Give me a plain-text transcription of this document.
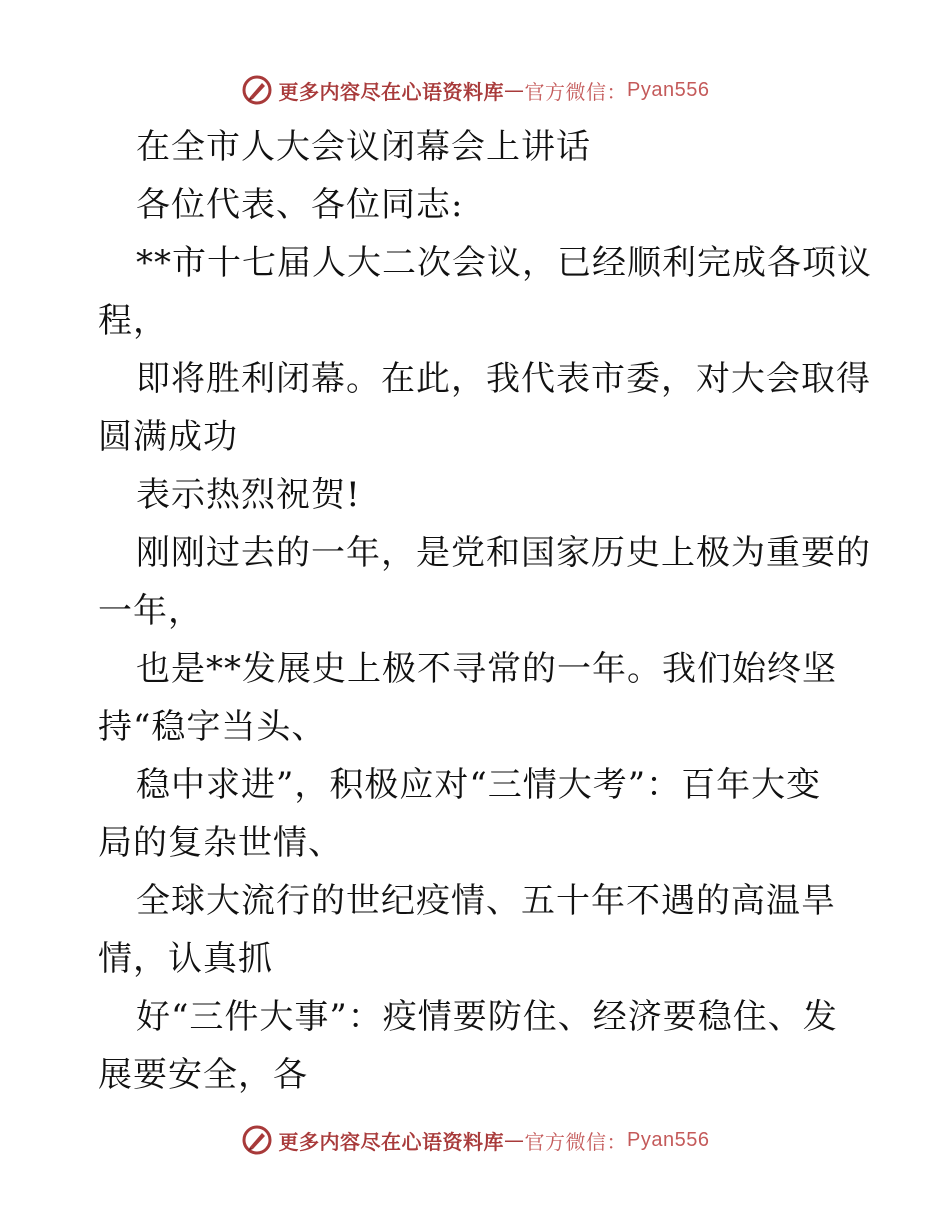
更多内容尽在心语资料库 — 官方微信： Pyan556
在全市人大会议闭幕会上讲话
各位代表、各位同志:
**市十七届人大二次会议，已经顺利完成各项议
程，
即将胜利闭幕。在此，我代表市委，对大会取得
圆满成功
表示热烈祝贺!
刚刚过去的一年，是党和国家历史上极为重要的
一年，
也是**发展史上极不寻常的一年。我们始终坚
持“稳字当头、
稳中求进”，积极应对“三情大考”：百年大变
局的复杂世情、
全球大流行的世纪疫情、五十年不遇的高温旱
情，认真抓
好“三件大事”：疫情要防住、经济要稳住、发
展要安全，各
更多内容尽在心语资料库 — 官方微信： Pyan556
